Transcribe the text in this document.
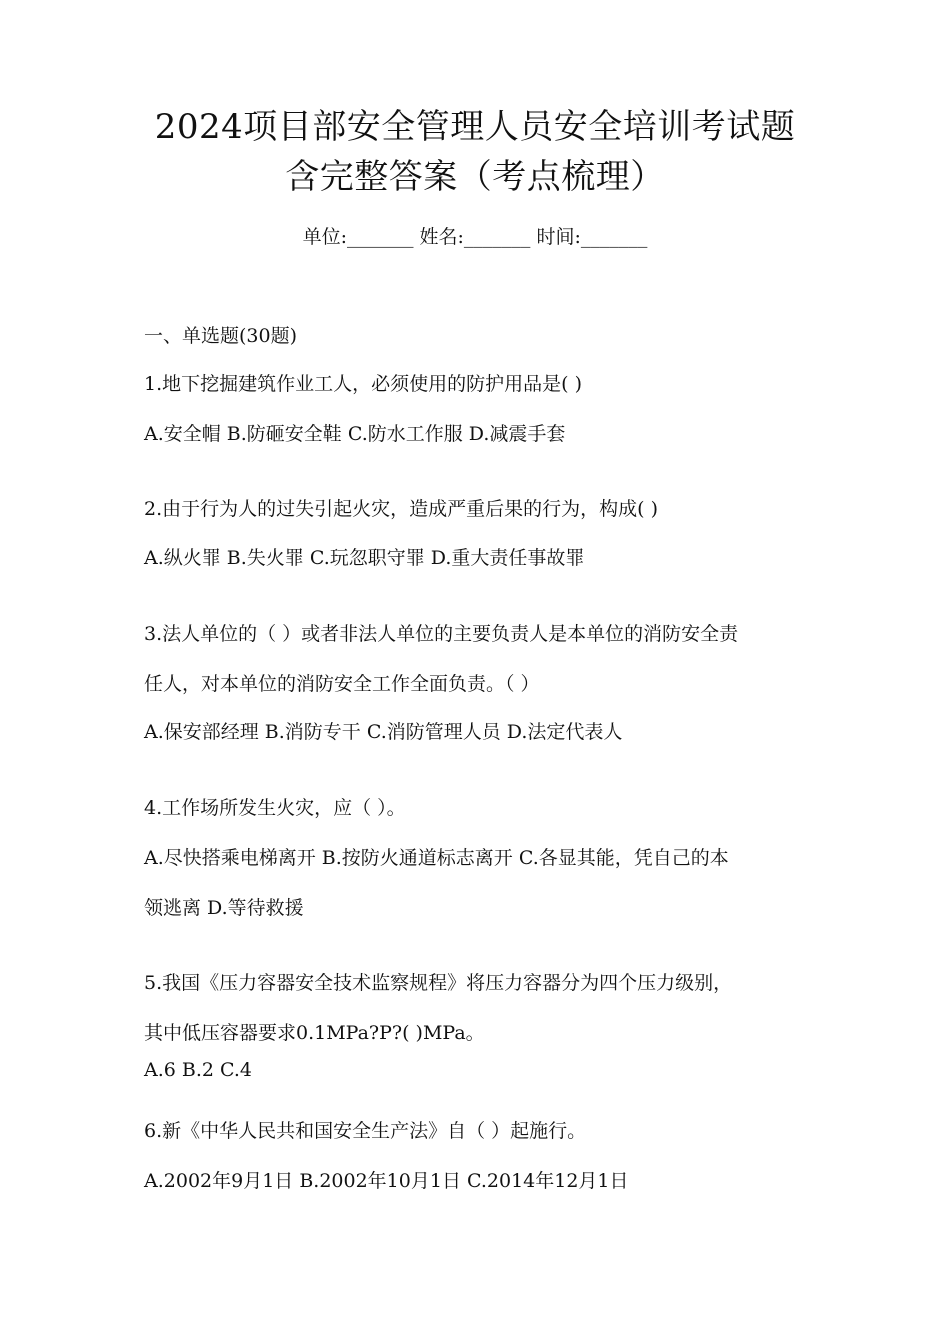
2024项目部安全管理人员安全培训考试题
含完整答案（考点梳理）
单位:_______ 姓名:_______ 时间:_______
一、单选题(30题)
1.地下挖掘建筑作业工人，必须使用的防护用品是( )
A.安全帽 B.防砸安全鞋 C.防水工作服 D.减震手套
2.由于行为人的过失引起火灾，造成严重后果的行为，构成( )
A.纵火罪 B.失火罪 C.玩忽职守罪 D.重大责任事故罪
3.法人单位的（ ）或者非法人单位的主要负责人是本单位的消防安全责
任人，对本单位的消防安全工作全面负责。（ ）
A.保安部经理 B.消防专干 C.消防管理人员 D.法定代表人
4.工作场所发生火灾，应（ ）。
A.尽快搭乘电梯离开 B.按防火通道标志离开 C.各显其能，凭自己的本
领逃离 D.等待救援
5.我国《压力容器安全技术监察规程》将压力容器分为四个压力级别，
其中低压容器要求0.1MPa?P?( )MPa。
A.6 B.2 C.4
6.新《中华人民共和国安全生产法》自（ ）起施行。
A.2002年9月1日 B.2002年10月1日 C.2014年12月1日
